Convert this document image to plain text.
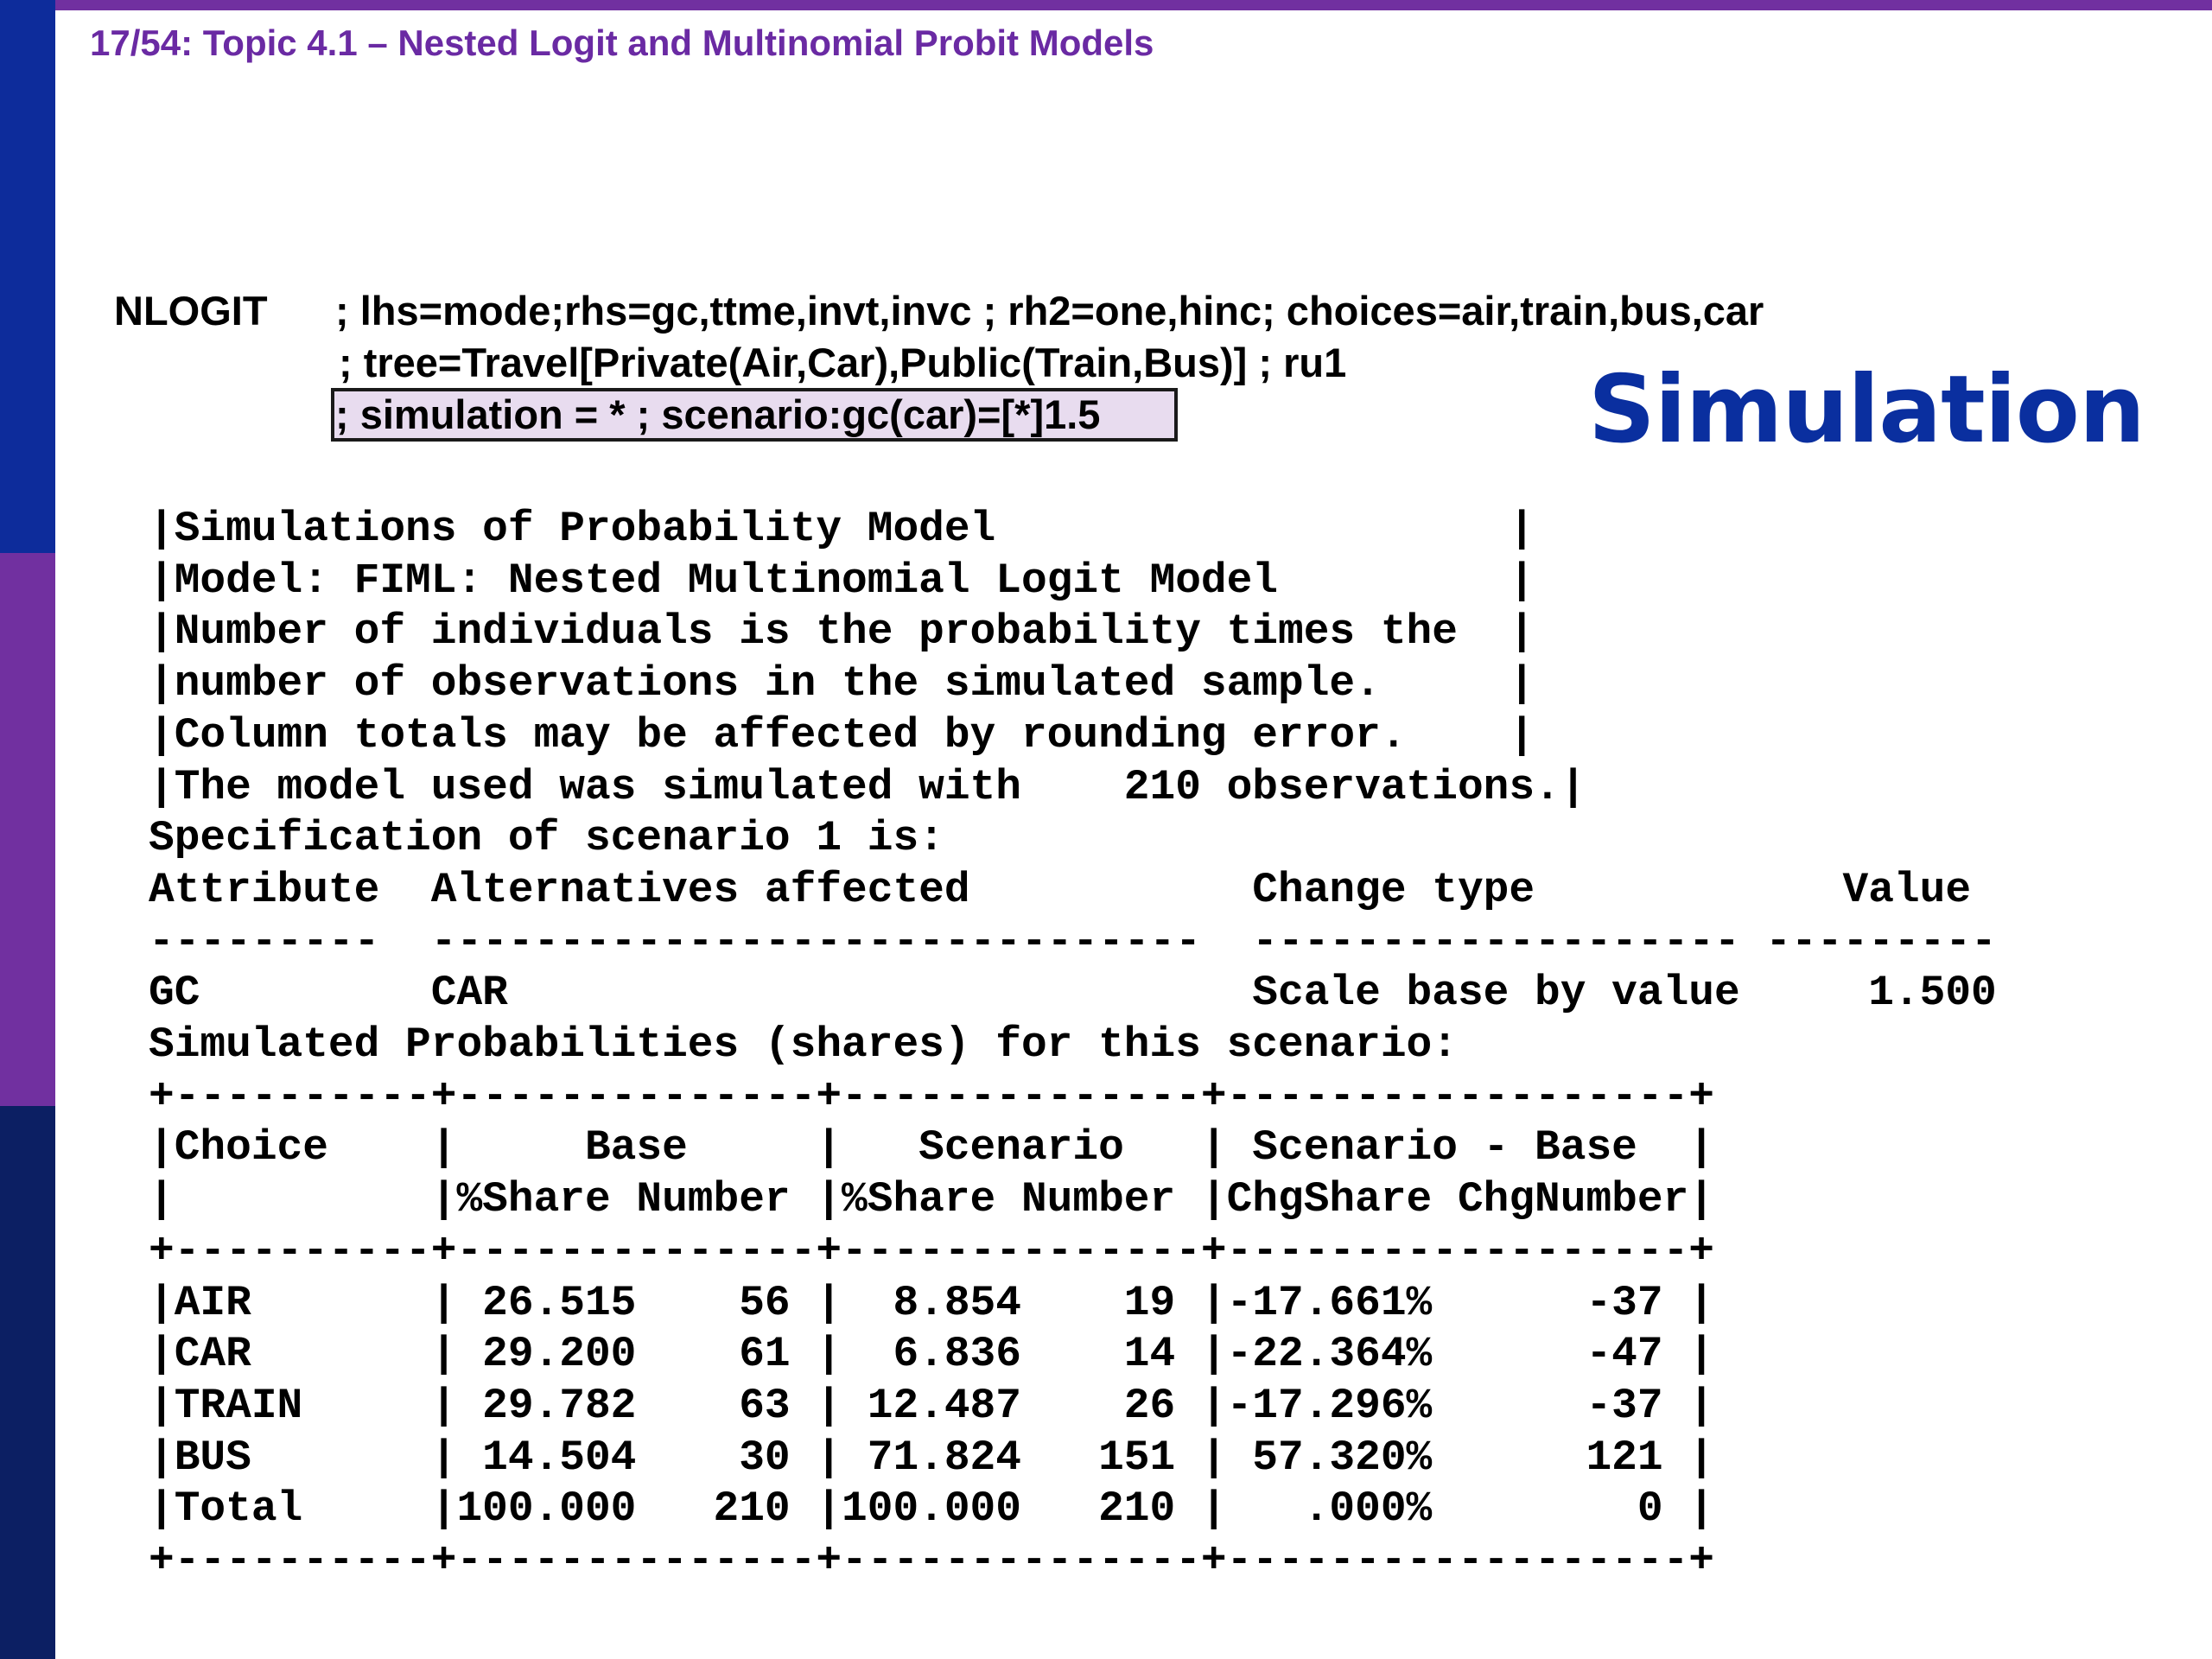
17/54: Topic 4.1 – Nested Logit and Multinomial Probit Models
Simulation
NLOGIT ; lhs=mode;rhs=gc,ttme,invt,invc ; rh2=one,hinc; choices=air,train,bus,car
; tree=Travel[Private(Air,Car),Public(Train,Bus)] ; ru1
; simulation = * ; scenario:gc(car)=[*]1.5
|Simulations of Probability Model                    |
|Model: FIML: Nested Multinomial Logit Model         |
|Number of individuals is the probability times the  |
|number of observations in the simulated sample.     |
|Column totals may be affected by rounding error.    |
|The model used was simulated with    210 observations.|
Specification of scenario 1 is:
Attribute  Alternatives affected           Change type            Value
---------  ------------------------------  ------------------- ---------
GC         CAR                             Scale base by value     1.500
Simulated Probabilities (shares) for this scenario:
+----------+--------------+--------------+------------------+
|Choice    |     Base     |   Scenario   | Scenario - Base  |
|          |%Share Number |%Share Number |ChgShare ChgNumber|
+----------+--------------+--------------+------------------+
|AIR       | 26.515    56 |  8.854    19 |-17.661%      -37 |
|CAR       | 29.200    61 |  6.836    14 |-22.364%      -47 |
|TRAIN     | 29.782    63 | 12.487    26 |-17.296%      -37 |
|BUS       | 14.504    30 | 71.824   151 | 57.320%      121 |
|Total     |100.000   210 |100.000   210 |   .000%        0 |
+----------+--------------+--------------+------------------+
